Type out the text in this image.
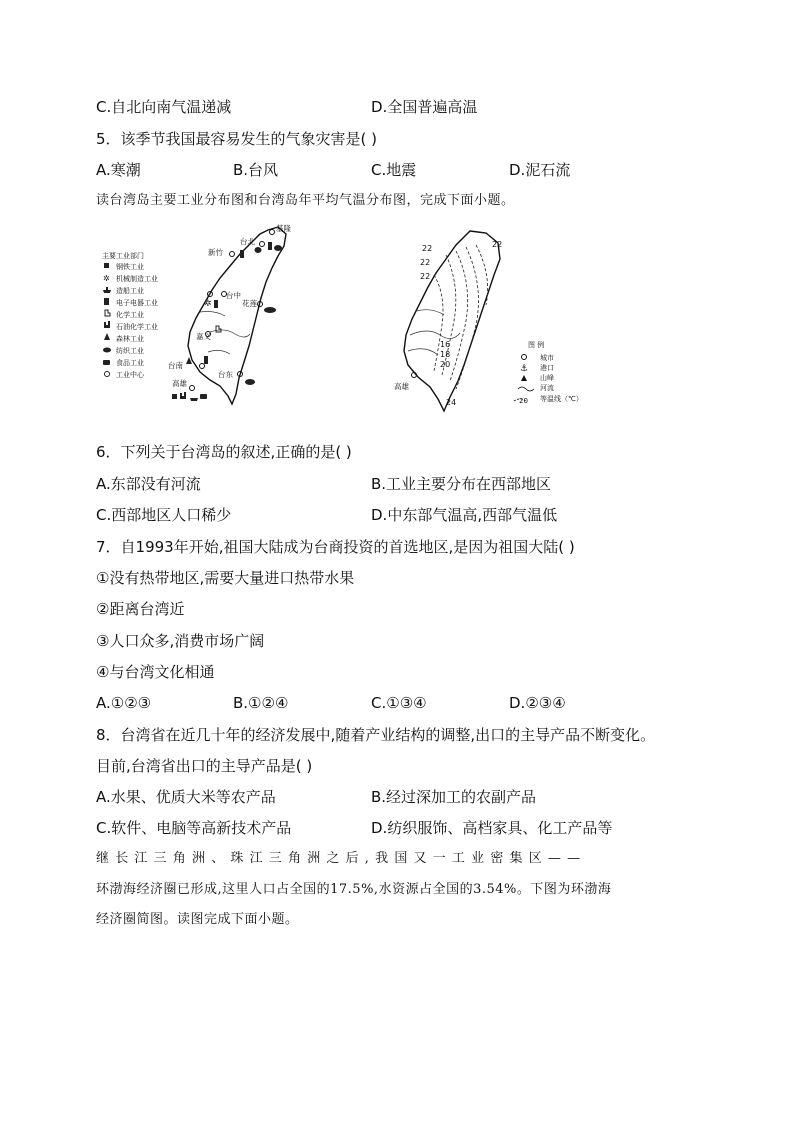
C.自北向南气温递减	D.全国普遍高温
5．该季节我国最容易发生的气象灾害是( )
A.寒潮	B.台风	C.地震	D.泥石流
读台湾岛主要工业分布图和台湾岛年平均气温分布图，完成下面小题。
主要工业部门
钢铁工业
✲ 机械制造工业
造船工业
电子电器工业
化学工业
石油化学工业
森林工业
纺织工业
食品工业
工业中心
基隆
台北
新竹
台中
✲	花莲
嘉义
台南
台东
高雄
22	22
22
22
16
18
20
24
高雄
图 例
城市
⚓ 港口
山峰
河流
20 等温线（℃）
6．下列关于台湾岛的叙述,正确的是( )
A.东部没有河流	B.工业主要分布在西部地区
C.西部地区人口稀少	D.中东部气温高,西部气温低
7．自1993年开始,祖国大陆成为台商投资的首选地区,是因为祖国大陆( )
①没有热带地区,需要大量进口热带水果
②距离台湾近
③人口众多,消费市场广阔
④与台湾文化相通
A.①②③	B.①②④	C.①③④	D.②③④
8．台湾省在近几十年的经济发展中,随着产业结构的调整,出口的主导产品不断变化。
目前,台湾省出口的主导产品是( )
A.水果、优质大米等农产品	B.经过深加工的农副产品
C.软件、电脑等高新技术产品	D.纺织服饰、高档家具、化工产品等
继长江三角洲、珠江三角洲之后,我国又一工业密集区——
环渤海经济圈已形成,这里人口占全国的17.5%,水资源占全国的3.54%。下图为环渤海
经济圈简图。读图完成下面小题。
